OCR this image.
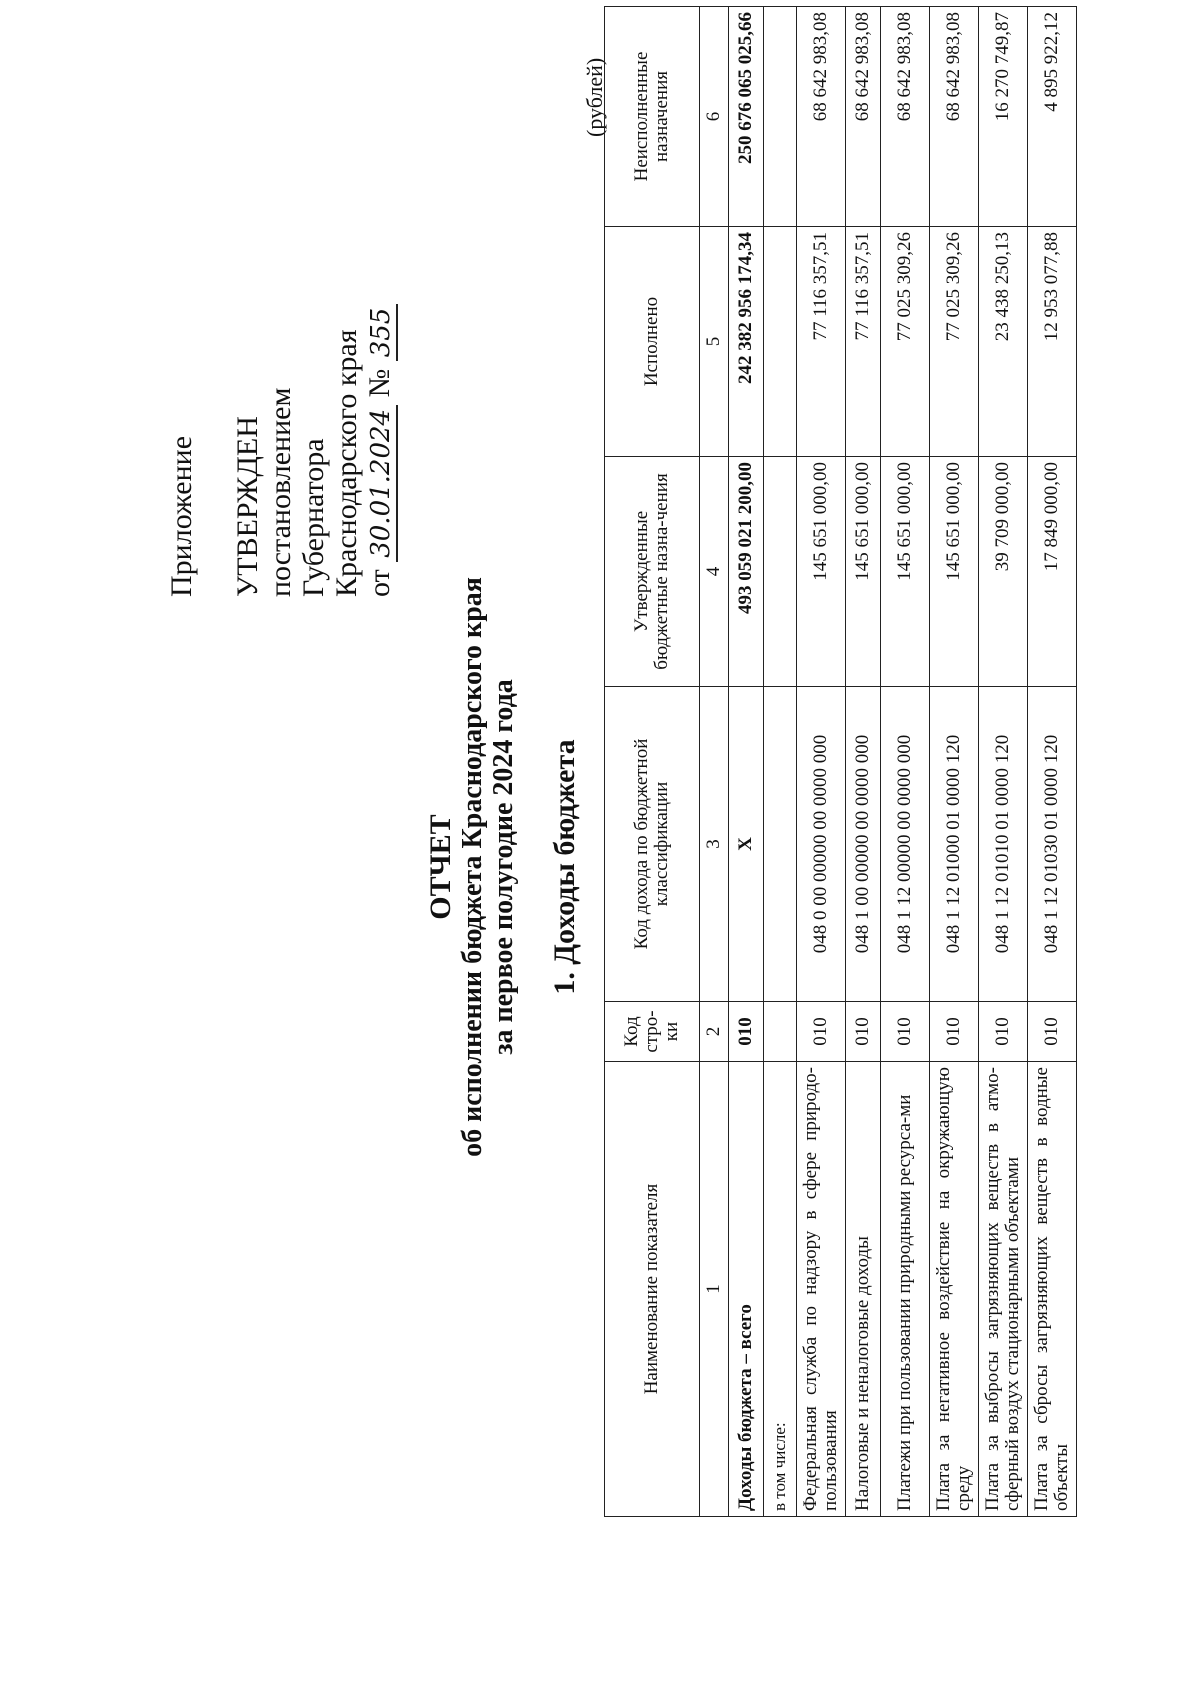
Приложение УТВЕРЖДЕН постановлением Губернатора Краснодарского края от 30.01.2024 № 355
ОТЧЕТ об исполнении бюджета Краснодарского края за первое полугодие 2024 года 1. Доходы бюджета
(рублей)
Наименование показателя	Код стро-ки	Код дохода по бюджетной классификации	Утвержденные бюджетные назна-чения	Исполнено	Неисполненные назначения
1	2	3	4	5	6
Доходы бюджета – всего	010	X	493 059 021 200,00	242 382 956 174,34	250 676 065 025,66
в том числе:					
Федеральная служба по надзору в сфере природо-пользования	010	048 0 00 00000 00 0000 000	145 651 000,00	77 116 357,51	68 642 983,08
Налоговые и неналоговые доходы	010	048 1 00 00000 00 0000 000	145 651 000,00	77 116 357,51	68 642 983,08
Платежи при пользовании природными ресурса-ми	010	048 1 12 00000 00 0000 000	145 651 000,00	77 025 309,26	68 642 983,08
Плата за негативное воздействие на окружающую среду	010	048 1 12 01000 01 0000 120	145 651 000,00	77 025 309,26	68 642 983,08
Плата за выбросы загрязняющих веществ в атмо-сферный воздух стационарными объектами	010	048 1 12 01010 01 0000 120	39 709 000,00	23 438 250,13	16 270 749,87
Плата за сбросы загрязняющих веществ в водные объекты	010	048 1 12 01030 01 0000 120	17 849 000,00	12 953 077,88	4 895 922,12
